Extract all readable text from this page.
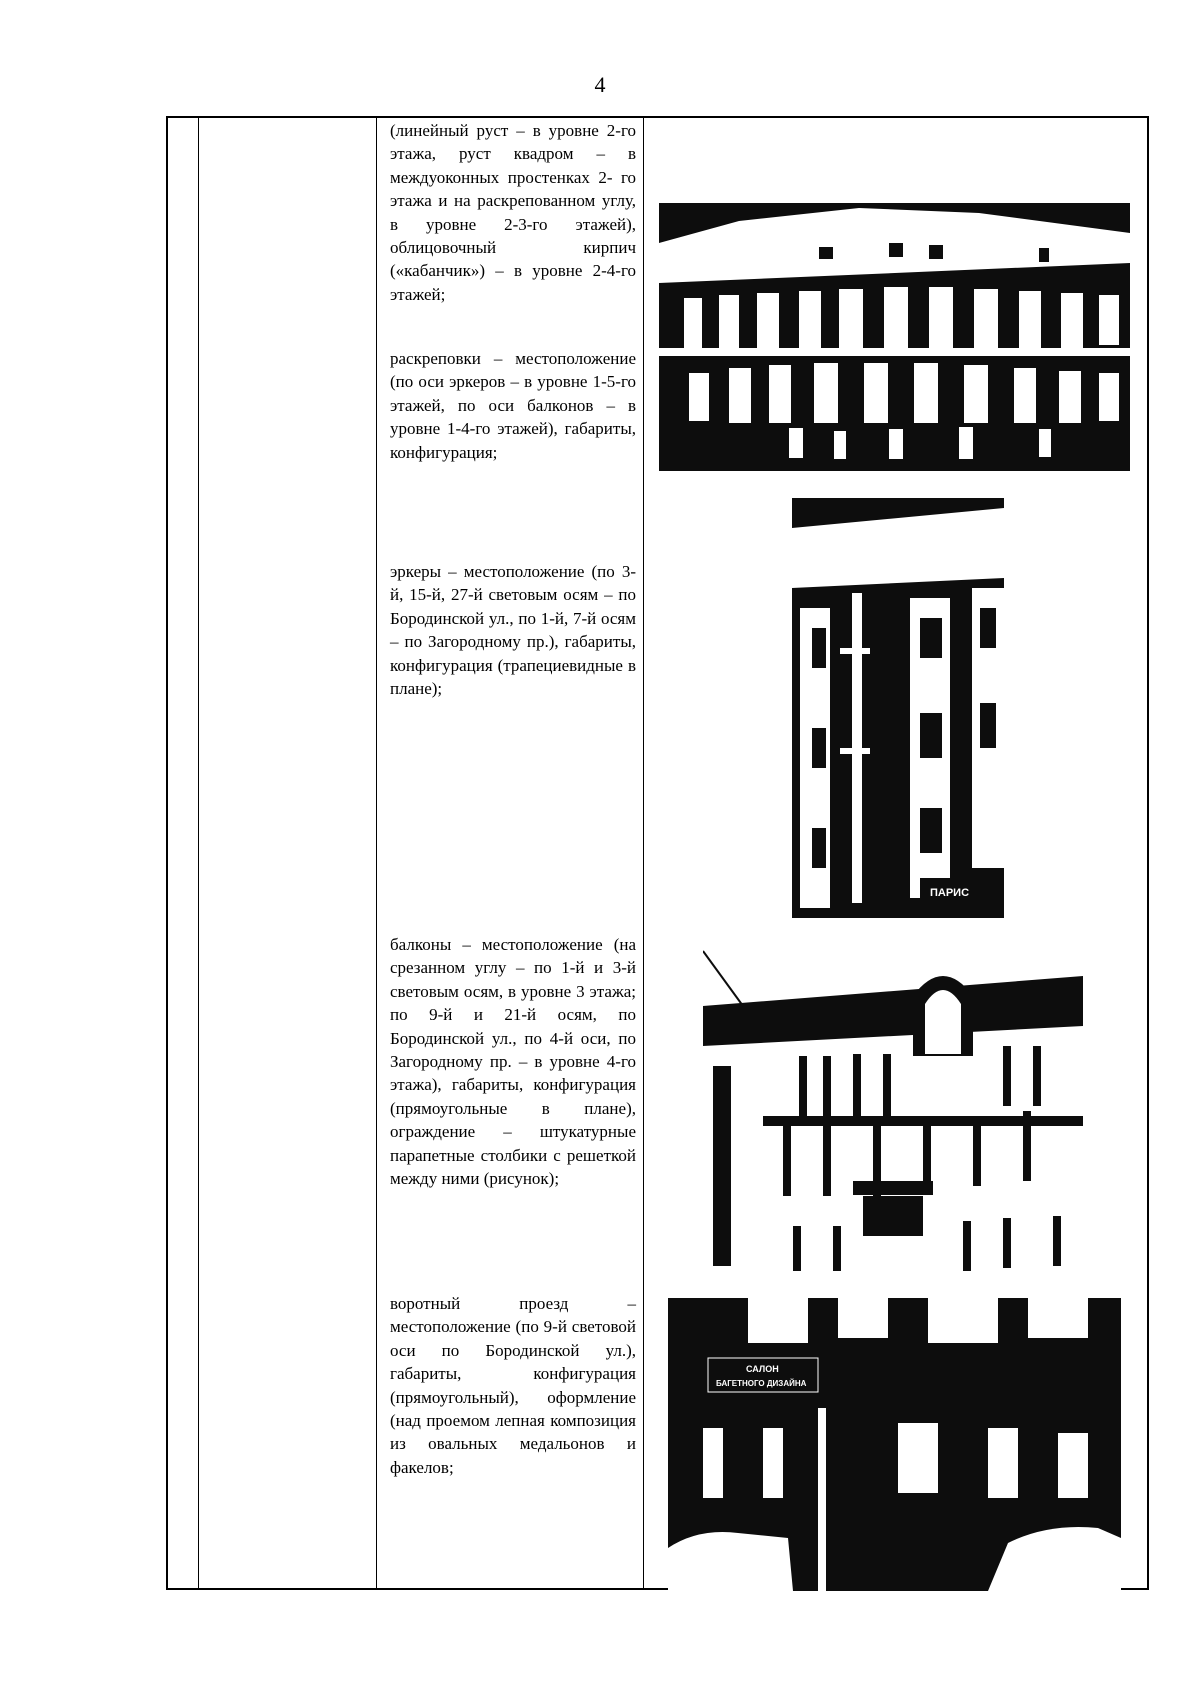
4
(линейный руст – в уровне 2-го этажа, руст квадром – в междуоконных простенках 2- го этажа и на раскрепованном углу, в уровне 2-3-го этажей), облицовочный кирпич («кабанчик») – в уровне 2-4-го этажей;
раскреповки – местоположение (по оси эркеров – в уровне 1-5-го этажей, по оси балконов – в уровне 1-4-го этажей), габариты, конфигурация;
эркеры – местоположение (по 3-й, 15-й, 27-й световым осям – по Бородинской ул., по 1-й, 7-й осям – по Загородному пр.), габариты, конфигурация (трапециевидные в плане);
балконы – местоположение (на срезанном углу – по 1-й и 3-й световым осям, в уровне 3 этажа; по 9-й и 21-й осям, по Бородинской ул., по 4-й оси, по Загородному пр. – в уровне 4-го этажа), габариты, конфигурация (прямоугольные в плане), ограждение – штукатурные парапетные столбики с решеткой между ними (рисунок);
воротный проезд – местоположение (по 9-й световой оси по Бородинской ул.), габариты, конфигурация (прямоугольный), оформление (над проемом лепная композиция из овальных медальонов и факелов;
ПАРИС
САЛОН
БАГЕТНОГО ДИЗАЙНА
